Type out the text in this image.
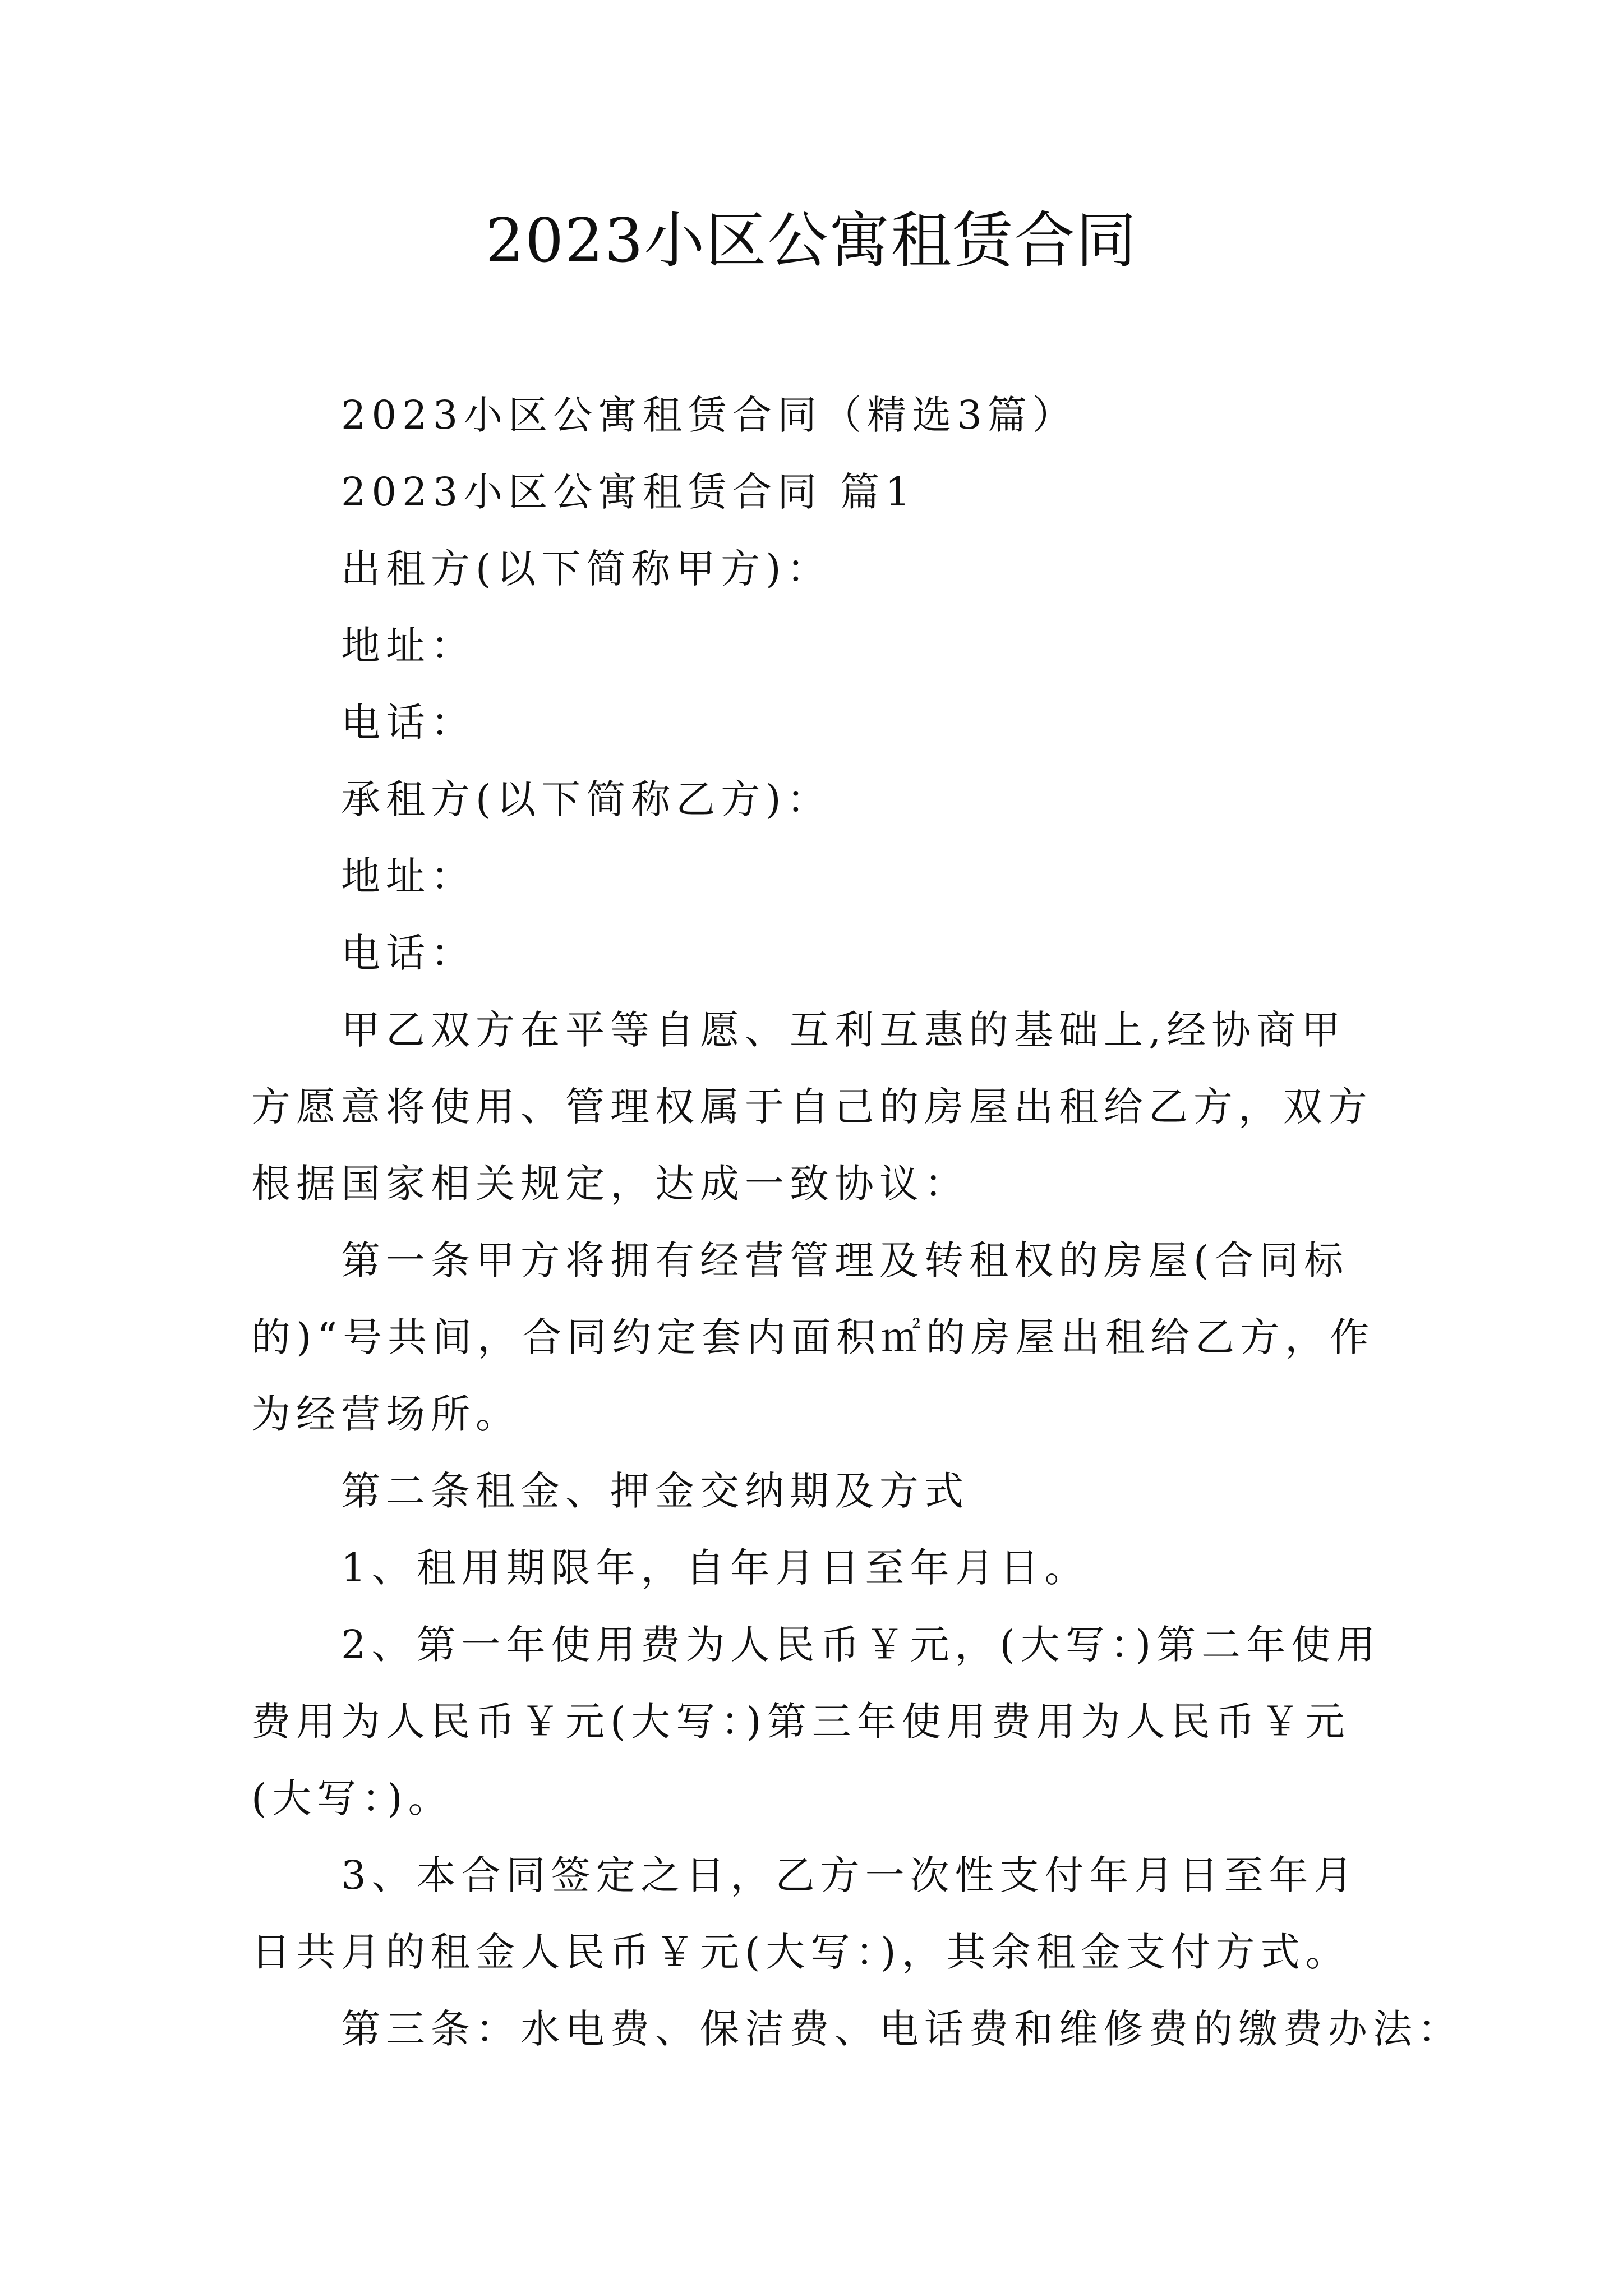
2023小区公寓租赁合同

2023小区公寓租赁合同（精选3篇）

2023小区公寓租赁合同 篇1

出租方(以下简称甲方)：

地址：

电话：

承租方(以下简称乙方)：

地址：

电话：

甲乙双方在平等自愿、互利互惠的基础上,经协商甲方愿意将使用、管理权属于自己的房屋出租给乙方，双方根据国家相关规定，达成一致协议：

第一条甲方将拥有经营管理及转租权的房屋(合同标的)“号共间，合同约定套内面积㎡的房屋出租给乙方，作为经营场所。

第二条租金、押金交纳期及方式

1、租用期限年，自年月日至年月日。

2、第一年使用费为人民币￥元，(大写：)第二年使用费用为人民币￥元(大写：)第三年使用费用为人民币￥元(大写：)。

3、本合同签定之日，乙方一次性支付年月日至年月日共月的租金人民币￥元(大写：)，其余租金支付方式。

第三条：水电费、保洁费、电话费和维修费的缴费办法：
